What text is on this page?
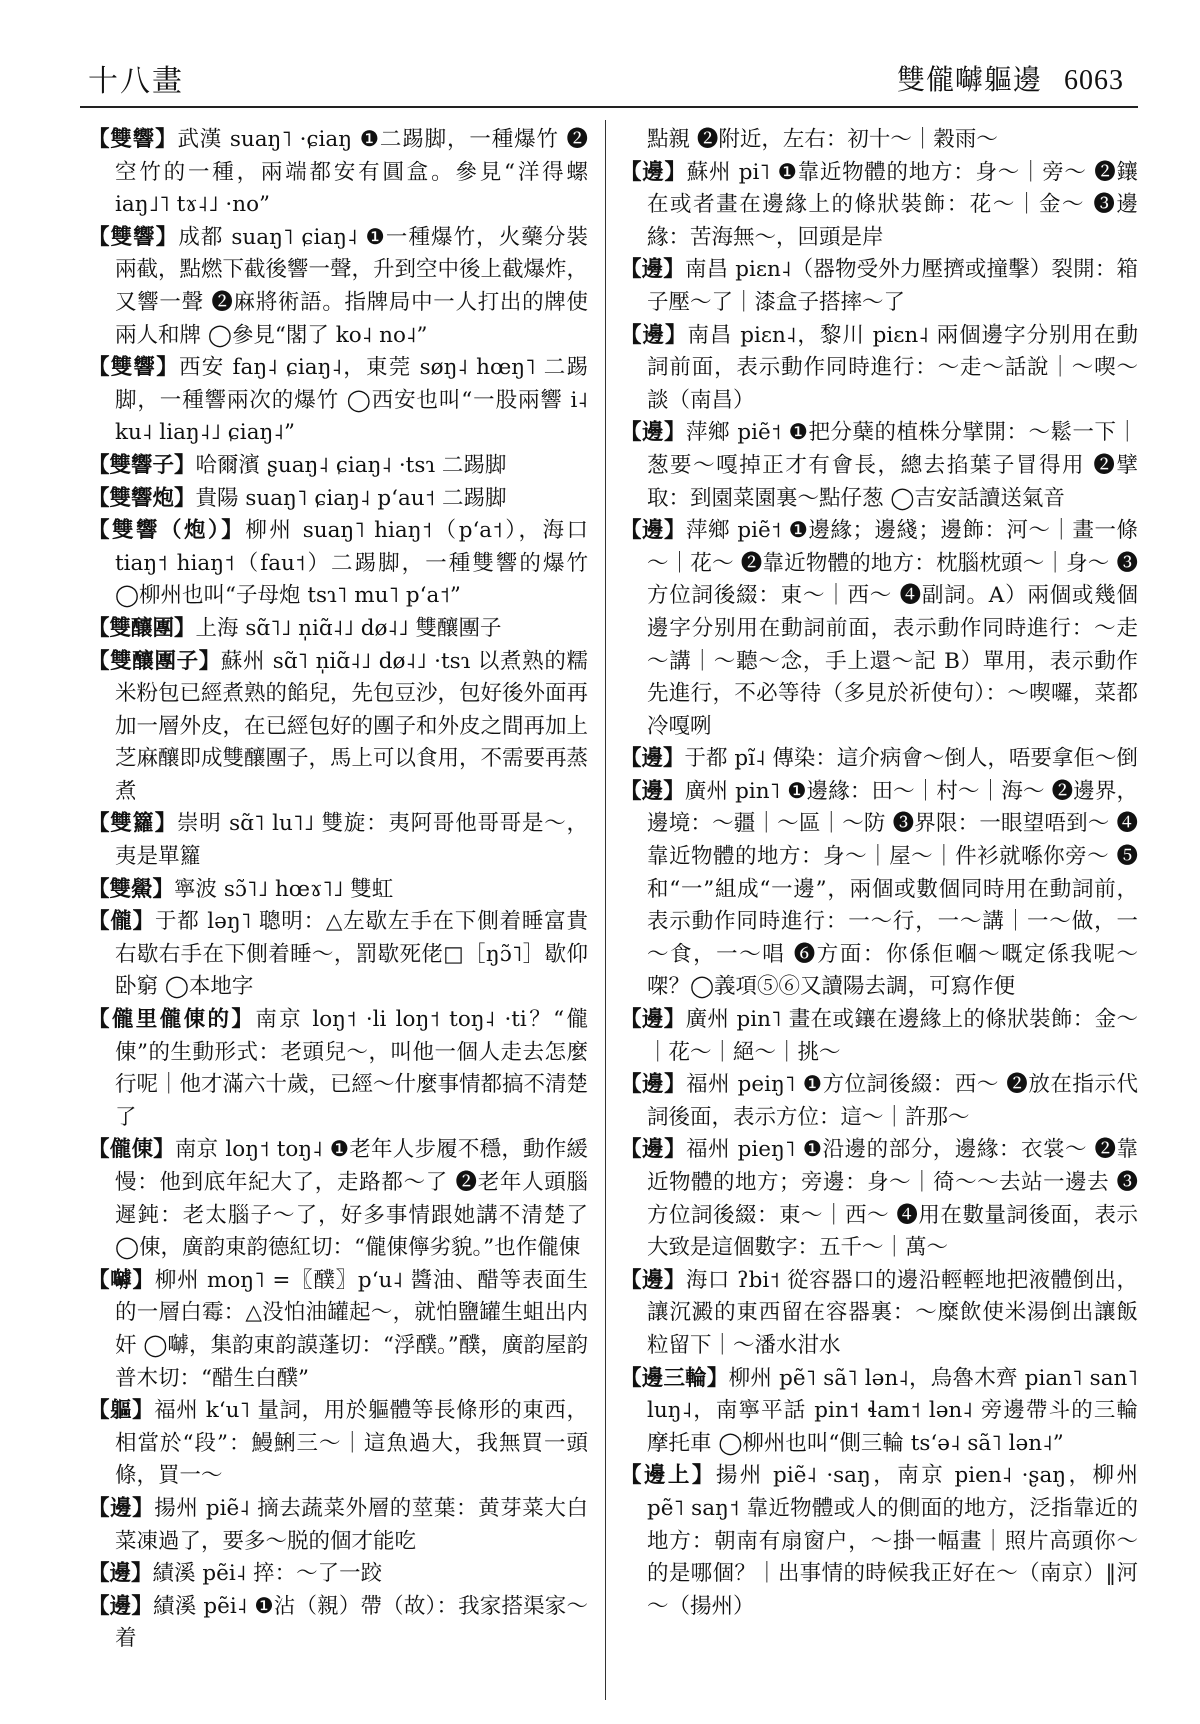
十八畫	雙儱嚹軀邊 6063

【雙響】武漢 suaŋ˥ ·ɕiaŋ ❶二踢脚，一種爆竹 ❷空竹的一種，兩端都安有圓盒。參見“洋得螺 iaŋ˩˥ tɤ˨˩ ·no”

【雙響】成都 suaŋ˥ ɕiaŋ˨ ❶一種爆竹，火藥分裝兩截，點燃下截後響一聲，升到空中後上截爆炸，又響一聲 ❷麻將術語。指牌局中一人打出的牌使兩人和牌 ◯參見“閣了 ko˨ no˨”

【雙響】西安 faŋ˨ ɕiaŋ˨，東莞 søŋ˨ hœŋ˥ 二踢脚，一種響兩次的爆竹 ◯西安也叫“一股兩響 i˨ ku˨ liaŋ˨˩ ɕiaŋ˨”

【雙響子】哈爾濱 ʂuaŋ˨ ɕiaŋ˨ ·tsɿ 二踢脚

【雙響炮】貴陽 suaŋ˥ ɕiaŋ˨ pʻau˦ 二踢脚

【雙響（炮）】柳州 suaŋ˥ hiaŋ˦（pʻa˦），海口 tiaŋ˦ hiaŋ˦（fau˦）二踢脚，一種雙響的爆竹 ◯柳州也叫“子母炮 tsɿ˥ mu˥ pʻa˦”

【雙釀團】上海 sɑ̃˥˩ n̩iɑ̃˨˩ dø˨˩ 雙釀團子

【雙釀團子】蘇州 sɑ̃˥ n̩iɑ̃˨˩ dø˨˩ ·tsɿ 以煮熟的糯米粉包已經煮熟的餡兒，先包豆沙，包好後外面再加一層外皮，在已經包好的團子和外皮之間再加上芝麻釀即成雙釀團子，馬上可以食用，不需要再蒸煮

【雙籮】崇明 sɑ̃˥ lu˥˩ 雙旋：夷阿哥他哥哥是～，夷是單籮

【雙鱟】寧波 sɔ̃˥˩ hœɤ˥˩ 雙虹

【儱】于都 ləŋ˥ 聰明：△左歇左手在下側着睡富貴右歇右手在下側着睡～，罰歇死佬□［ŋɔ̃˥］歇仰卧窮 ◯本地字

【儱里儱倲的】南京 loŋ˦ ·li loŋ˦ toŋ˨ ·ti？“儱倲”的生動形式：老頭兒～，叫他一個人走去怎麼行呢｜他才滿六十歲，已經～什麼事情都搞不清楚了

【儱倲】南京 loŋ˦ toŋ˨ ❶老年人步履不穩，動作緩慢：他到底年紀大了，走路都～了 ❷老年人頭腦遲鈍：老太腦子～了，好多事情跟她講不清楚了 ◯倲，廣韵東韵德紅切：“儱倲儜劣貌。”也作儱倲

【嚹】柳州 moŋ˥ =〖醭〗pʻu˨ 醬油、醋等表面生的一層白霉：△没怕油罐起～，就怕鹽罐生蛆出内奸 ◯嚹，集韵東韵謨蓬切：“浮醭。”醭，廣韵屋韵普木切：“醋生白醭”

【軀】福州 kʻu˥ 量詞，用於軀體等長條形的東西，相當於“段”：鰻鯏三～｜這魚過大，我無買一頭條，買一～

【邊】揚州 piẽ˨ 摘去蔬菜外層的莖葉：黄芽菜大白菜凍過了，要多～脱的個才能吃

【邊】績溪 pẽi˨ 捽：～了一跤

【邊】績溪 pẽi˨ ❶沾（親）帶（故）：我家搭渠家～着

點親 ❷附近，左右：初十～｜穀雨～

【邊】蘇州 pi˥ ❶靠近物體的地方：身～｜旁～ ❷鑲在或者畫在邊緣上的條狀裝飾：花～｜金～ ❸邊緣：苦海無～，回頭是岸

【邊】南昌 piɛn˨（器物受外力壓擠或撞擊）裂開：箱子壓～了｜漆盒子搭摔～了

【邊】南昌 piɛn˨，黎川 piɛn˨ 兩個邊字分别用在動詞前面，表示動作同時進行：～走～話說｜～喫～談（南昌）

【邊】萍鄉 piẽ˦ ❶把分蘖的植株分擘開：～鬆一下｜葱要～嘎掉正才有會長，總去掐葉子冒得用 ❷擘取：到園菜園裏～點仔葱 ◯吉安話讀送氣音

【邊】萍鄉 piẽ˦ ❶邊緣；邊綫；邊飾：河～｜畫一條～｜花～ ❷靠近物體的地方：枕腦枕頭～｜身～ ❸方位詞後綴：東～｜西～ ❹副詞。A）兩個或幾個邊字分别用在動詞前面，表示動作同時進行：～走～講｜～聽～念，手上還～記 B）單用，表示動作先進行，不必等待（多見於祈使句）：～喫囉，菜都冷嘎咧

【邊】于都 pĩ˨ 傳染：這介病會～倒人，唔要拿佢～倒

【邊】廣州 pin˥ ❶邊緣：田～｜村～｜海～ ❷邊界，邊境：～疆｜～區｜～防 ❸界限：一眼望唔到～ ❹靠近物體的地方：身～｜屋～｜件衫就喺你旁～ ❺和“一”組成“一邊”，兩個或數個同時用在動詞前，表示動作同時進行：一～行，一～講｜一～做，一～食，一～唱 ❻方面：你係佢嗰～嘅定係我呢～㗎？◯義項⑤⑥又讀陽去調，可寫作便

【邊】廣州 pin˥ 畫在或鑲在邊緣上的條狀裝飾：金～｜花～｜絕～｜挑～

【邊】福州 peiŋ˥ ❶方位詞後綴：西～ ❷放在指示代詞後面，表示方位：這～｜許那～

【邊】福州 pieŋ˥ ❶沿邊的部分，邊緣：衣裳～ ❷靠近物體的地方；旁邊：身～｜徛～～去站一邊去 ❸方位詞後綴：東～｜西～ ❹用在數量詞後面，表示大致是這個數字：五千～｜萬～

【邊】海口 ʔbi˦ 從容器口的邊沿輕輕地把液體倒出，讓沉澱的東西留在容器裏：～糜飲使米湯倒出讓飯粒留下｜～潘水泔水

【邊三輪】柳州 pẽ˥ sã˥ lən˨，烏魯木齊 pian˥ san˥ luŋ˨，南寧平話 pin˦ ɬam˦ lən˨ 旁邊帶斗的三輪摩托車 ◯柳州也叫“側三輪 tsʻə˨ sã˥ lən˨”

【邊上】揚州 piẽ˨ ·saŋ，南京 pien˨ ·ʂaŋ，柳州 pẽ˥ saŋ˦ 靠近物體或人的側面的地方，泛指靠近的地方：朝南有扇窗户，～掛一幅畫｜照片高頭你～的是哪個？｜出事情的時候我正好在～（南京）‖河～（揚州）
